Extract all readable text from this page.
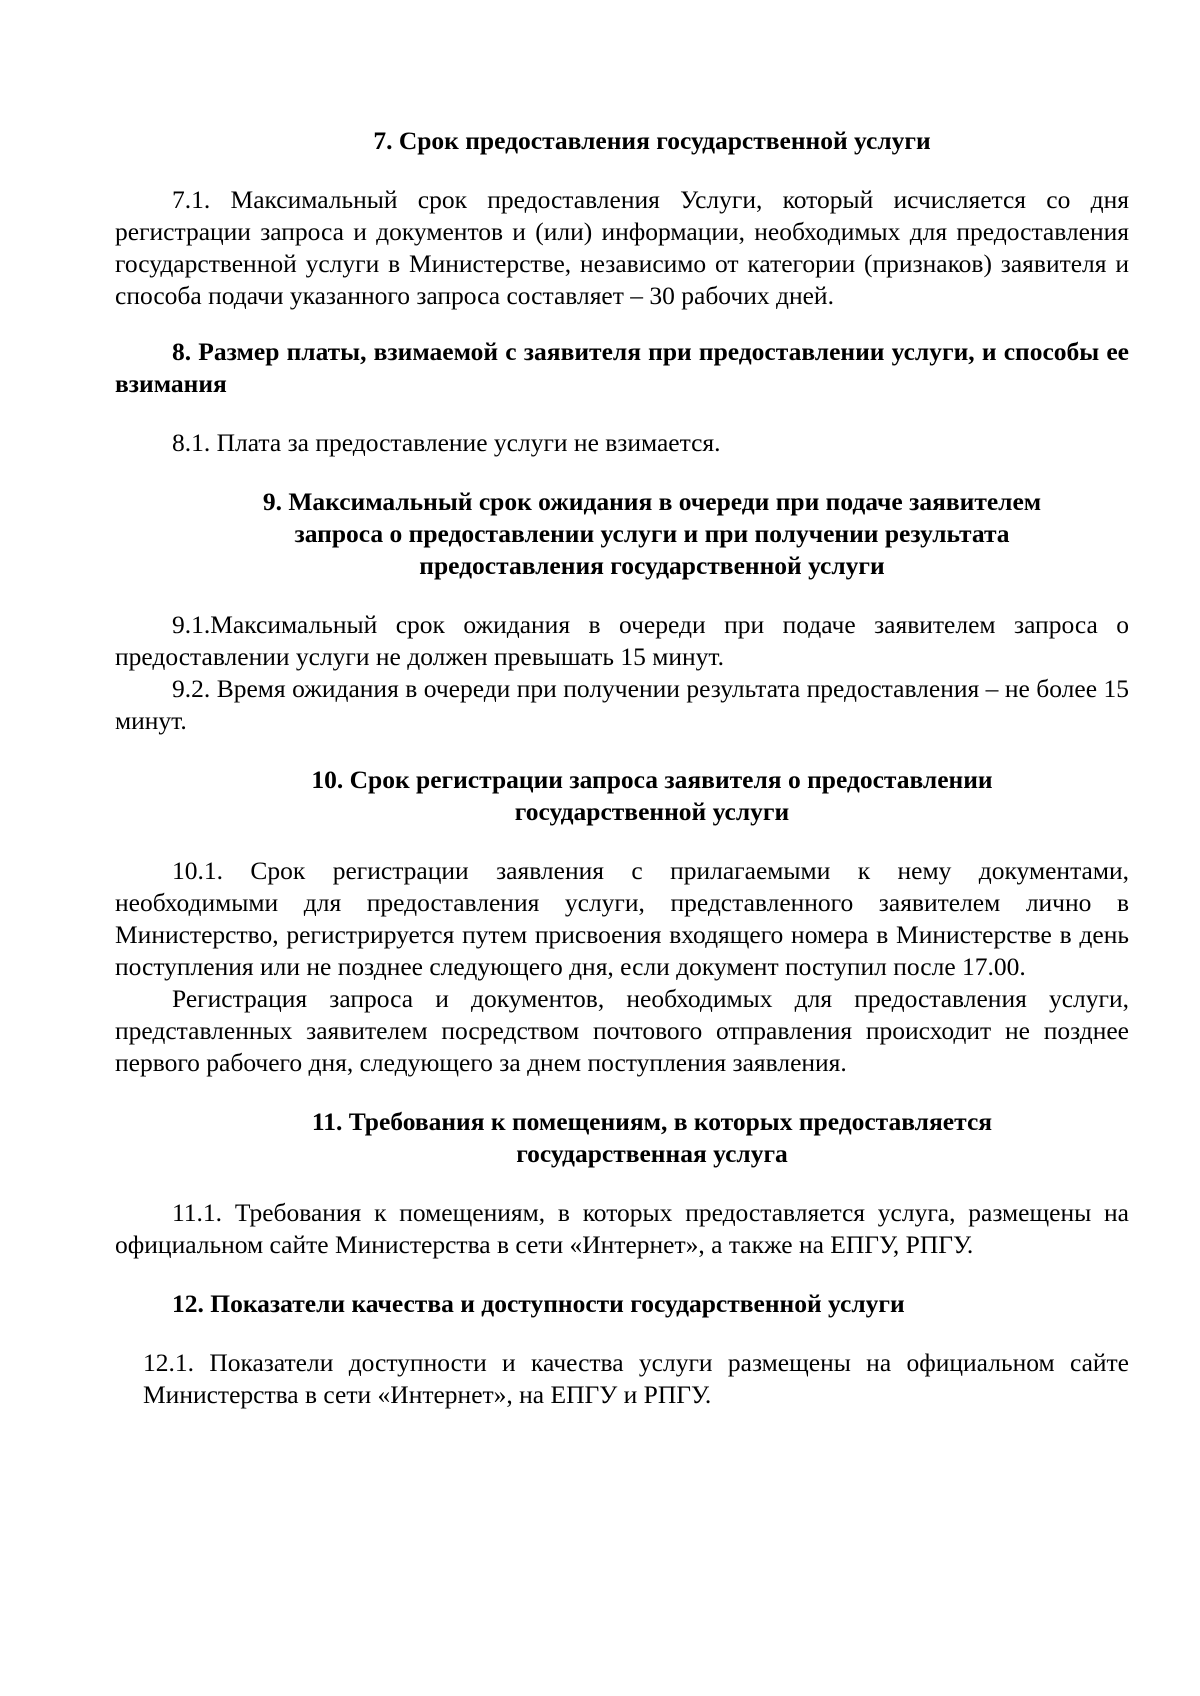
7. Срок предоставления государственной услуги

7.1. Максимальный срок предоставления Услуги, который исчисляется со дня регистрации запроса и документов и (или) информации, необходимых для предоставления государственной услуги в Министерстве, независимо от категории (признаков) заявителя и способа подачи указанного запроса составляет – 30 рабочих дней.

8. Размер платы, взимаемой с заявителя при предоставлении услуги, и способы ее взимания

8.1. Плата за предоставление услуги не взимается.

9. Максимальный срок ожидания в очереди при подаче заявителем
запроса о предоставлении услуги и при получении результата
предоставления государственной услуги

9.1.Максимальный срок ожидания в очереди при подаче заявителем запроса о предоставлении услуги не должен превышать 15 минут.

9.2. Время ожидания в очереди при получении результата предоставления – не более 15 минут.

10. Срок регистрации запроса заявителя о предоставлении
государственной услуги

10.1. Срок регистрации заявления с прилагаемыми к нему документами, необходимыми для предоставления услуги, представленного заявителем лично в Министерство, регистрируется путем присвоения входящего номера в Министерстве в день поступления или не позднее следующего дня, если документ поступил после 17.00.

Регистрация запроса и документов, необходимых для предоставления услуги, представленных заявителем посредством почтового отправления происходит не позднее первого рабочего дня, следующего за днем поступления заявления.

11. Требования к помещениям, в которых предоставляется
государственная услуга

11.1. Требования к помещениям, в которых предоставляется услуга, размещены на официальном сайте Министерства в сети «Интернет», а также на ЕПГУ, РПГУ.

12. Показатели качества и доступности государственной услуги

12.1. Показатели доступности и качества услуги размещены на официальном сайте Министерства в сети «Интернет», на ЕПГУ и РПГУ.
